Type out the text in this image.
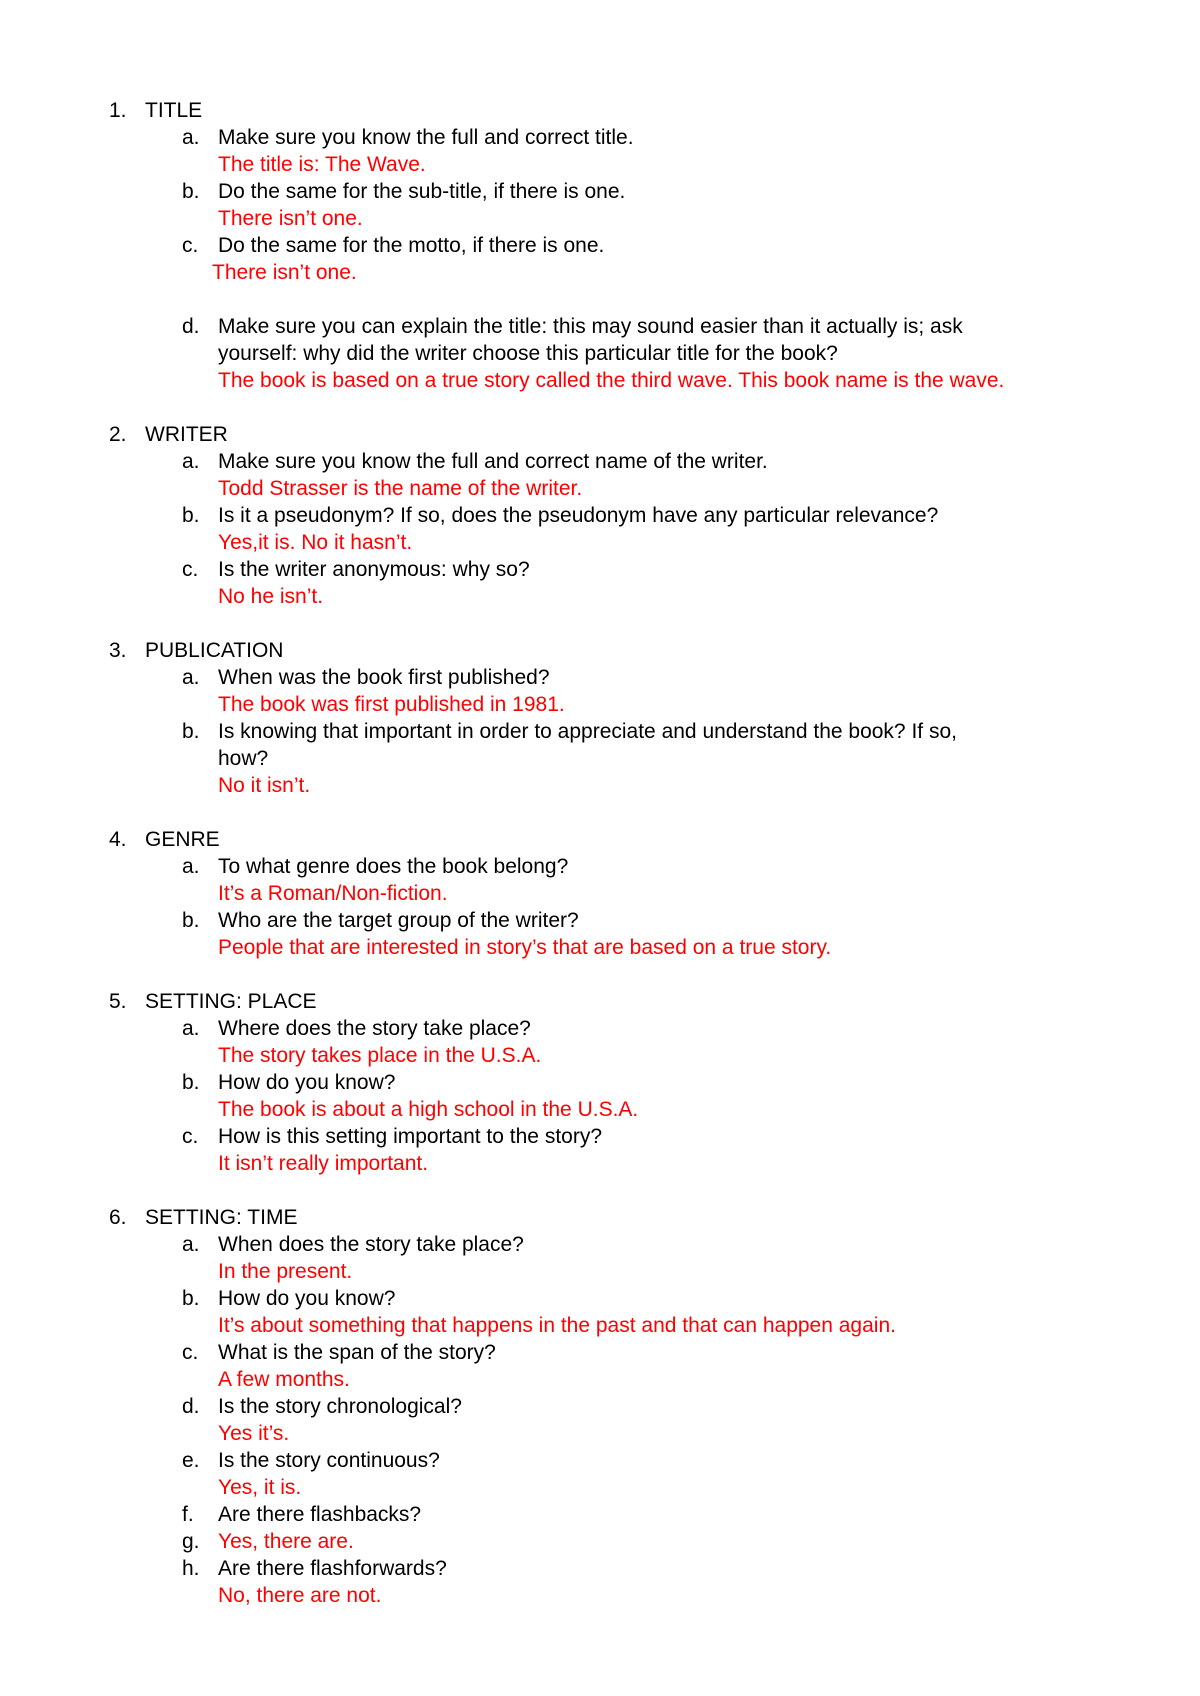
1. TITLE
a. Make sure you know the full and correct title.
The title is: The Wave.
b. Do the same for the sub-title, if there is one.
There isn’t one.
c. Do the same for the motto, if there is one.
There isn’t one.
d. Make sure you can explain the title: this may sound easier than it actually is; ask
yourself: why did the writer choose this particular title for the book?
The book is based on a true story called the third wave. This book name is the wave.
2. WRITER
a. Make sure you know the full and correct name of the writer.
Todd Strasser is the name of the writer.
b. Is it a pseudonym? If so, does the pseudonym have any particular relevance?
Yes,it is. No it hasn’t.
c. Is the writer anonymous: why so?
No he isn’t.
3. PUBLICATION
a. When was the book first published?
The book was first published in 1981.
b. Is knowing that important in order to appreciate and understand the book? If so,
how?
No it isn’t.
4. GENRE
a. To what genre does the book belong?
It’s a Roman/Non-fiction.
b. Who are the target group of the writer?
People that are interested in story’s that are based on a true story.
5. SETTING: PLACE
a. Where does the story take place?
The story takes place in the U.S.A.
b. How do you know?
The book is about a high school in the U.S.A.
c. How is this setting important to the story?
It isn’t really important.
6. SETTING: TIME
a. When does the story take place?
In the present.
b. How do you know?
It’s about something that happens in the past and that can happen again.
c. What is the span of the story?
A few months.
d. Is the story chronological?
Yes it’s.
e. Is the story continuous?
Yes, it is.
f. Are there flashbacks?
g. Yes, there are.
h. Are there flashforwards?
No, there are not.
